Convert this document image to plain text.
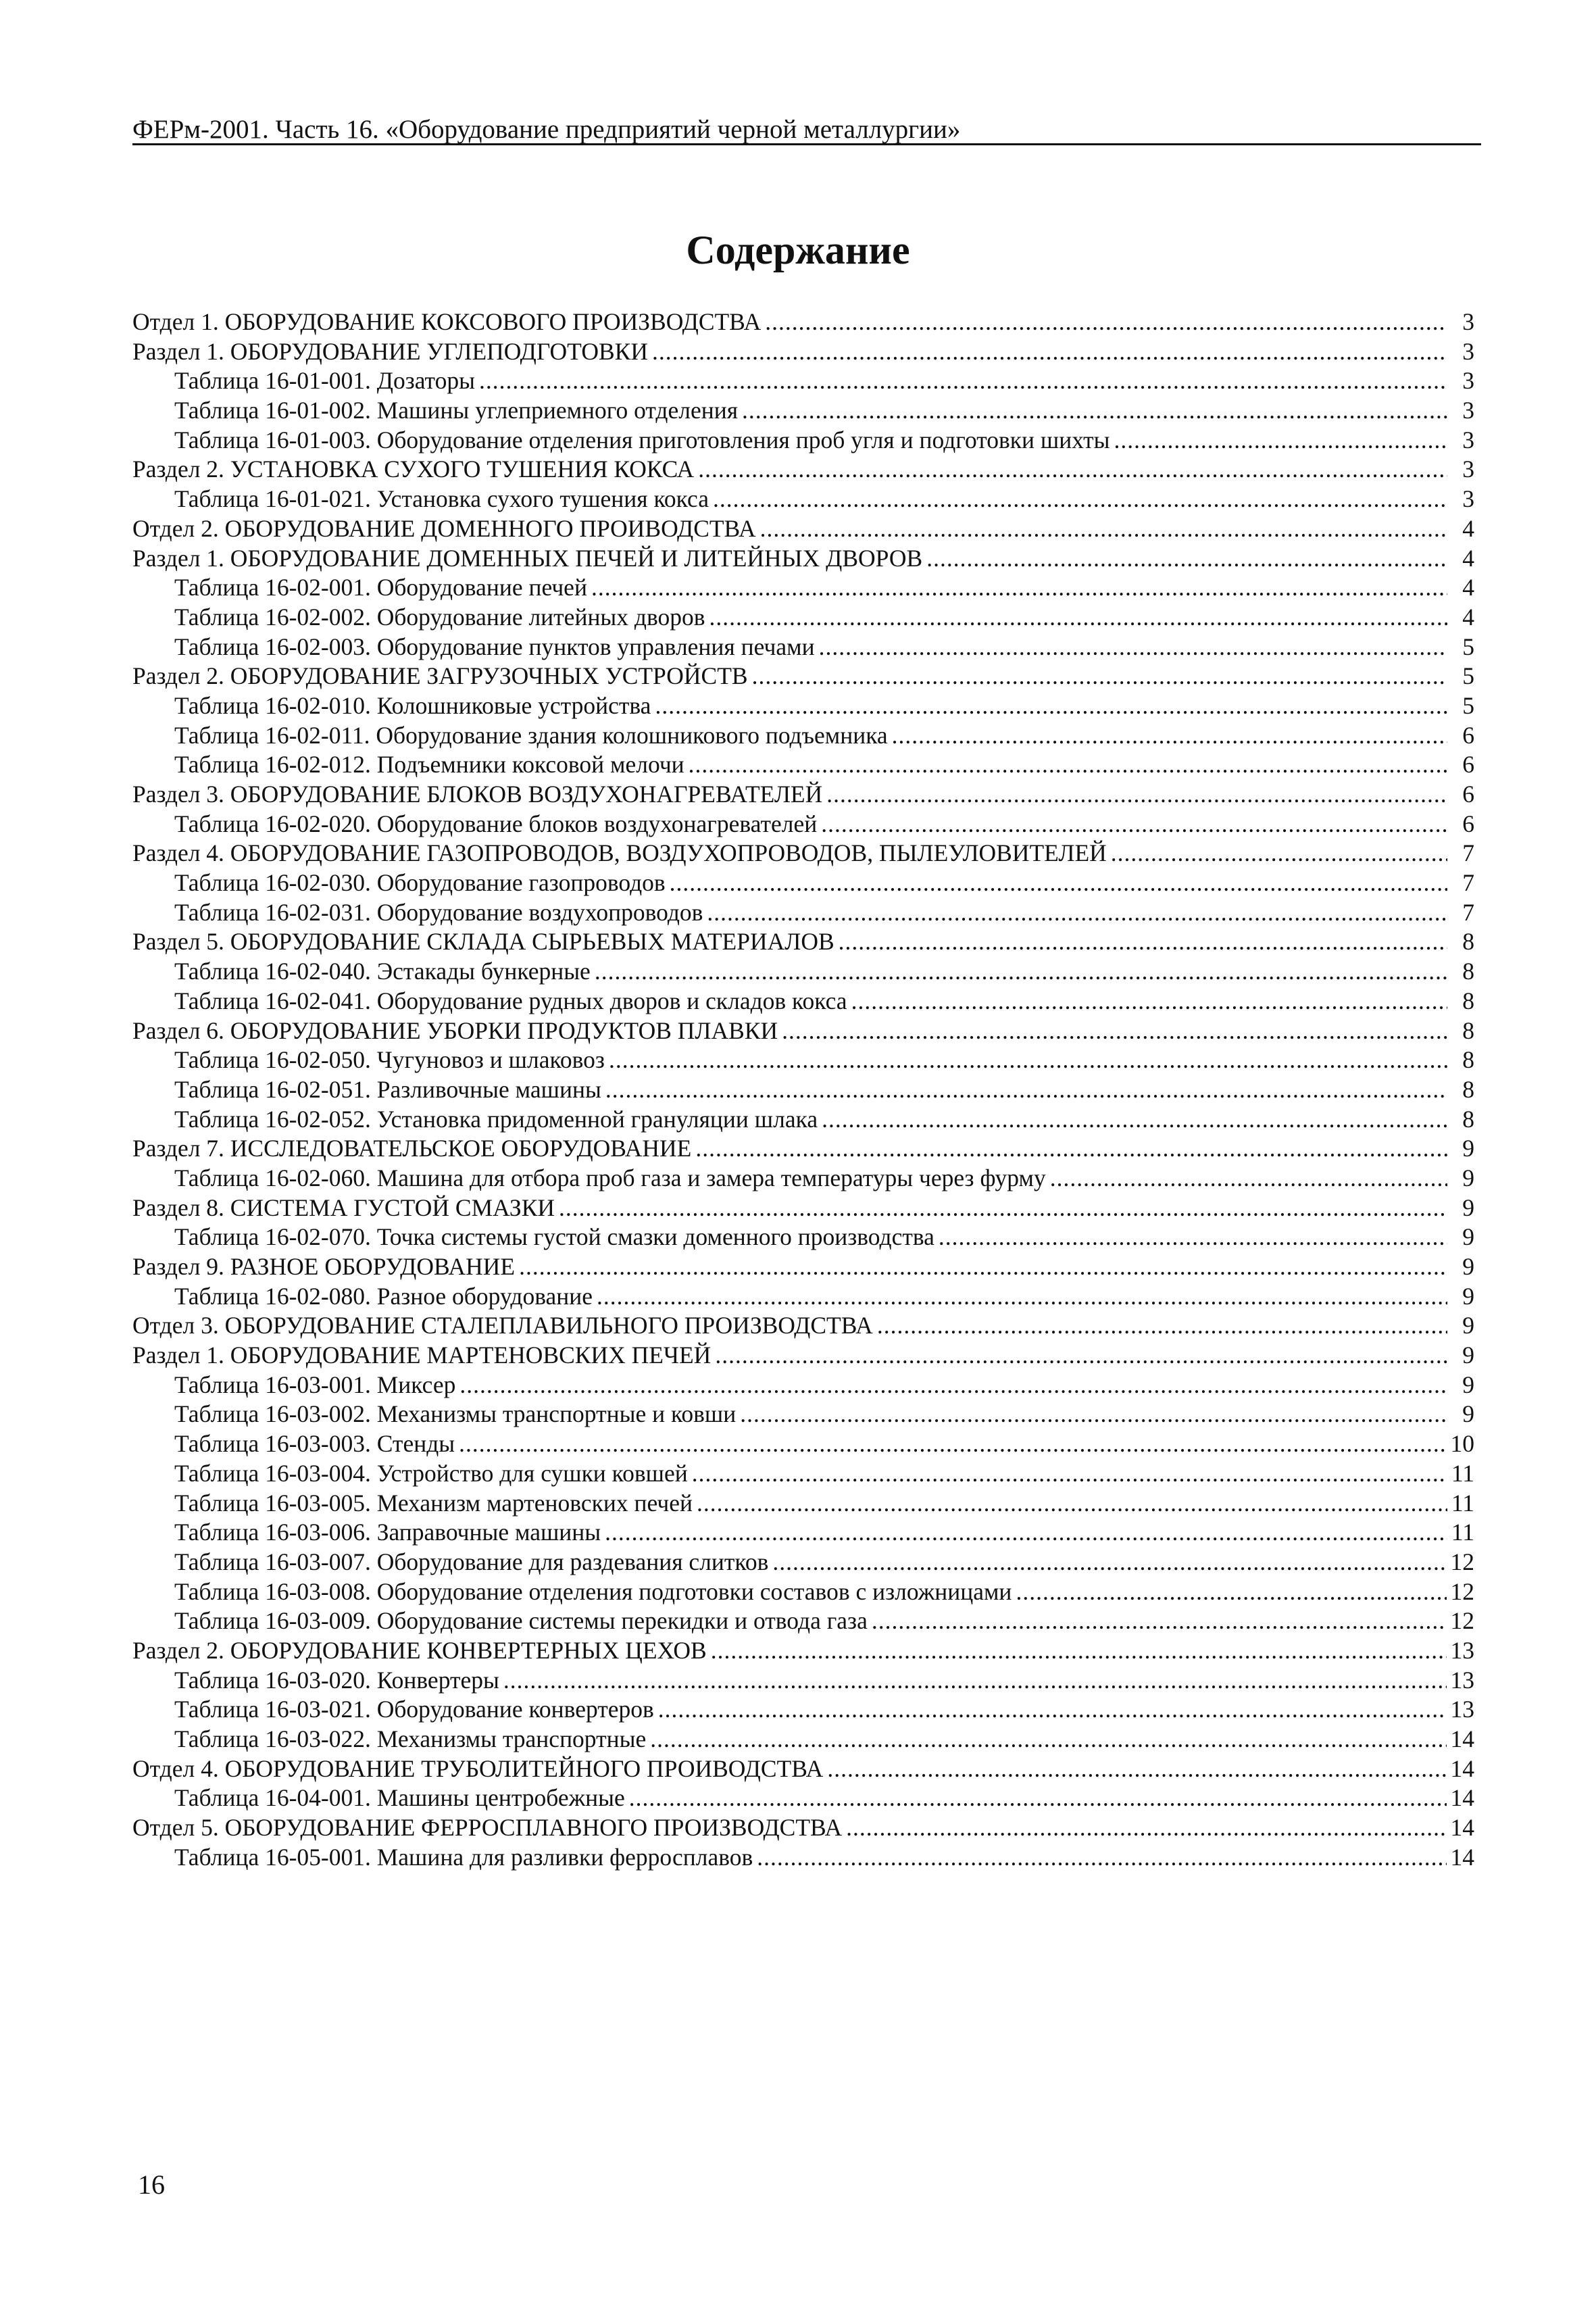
ФЕРм-2001. Часть 16. «Оборудование предприятий черной металлургии»
Содержание
Отдел 1. ОБОРУДОВАНИЕ КОКСОВОГО ПРОИЗВОДСТВА .....	3
Раздел 1. ОБОРУДОВАНИЕ УГЛЕПОДГОТОВКИ .....	3
Таблица 16-01-001. Дозаторы .....	3
Таблица 16-01-002. Машины углеприемного отделения .....	3
Таблица 16-01-003. Оборудование отделения приготовления проб угля и подготовки шихты .....	3
Раздел 2. УСТАНОВКА СУХОГО ТУШЕНИЯ КОКСА .....	3
Таблица 16-01-021. Установка сухого тушения кокса .....	3
Отдел 2. ОБОРУДОВАНИЕ ДОМЕННОГО ПРОИВОДСТВА .....	4
Раздел 1. ОБОРУДОВАНИЕ ДОМЕННЫХ ПЕЧЕЙ И ЛИТЕЙНЫХ ДВОРОВ .....	4
Таблица 16-02-001. Оборудование печей .....	4
Таблица 16-02-002. Оборудование литейных дворов .....	4
Таблица 16-02-003. Оборудование пунктов управления печами .....	5
Раздел 2. ОБОРУДОВАНИЕ ЗАГРУЗОЧНЫХ УСТРОЙСТВ .....	5
Таблица 16-02-010. Колошниковые устройства .....	5
Таблица 16-02-011. Оборудование здания колошникового подъемника .....	6
Таблица 16-02-012. Подъемники коксовой мелочи .....	6
Раздел 3. ОБОРУДОВАНИЕ БЛОКОВ ВОЗДУХОНАГРЕВАТЕЛЕЙ .....	6
Таблица 16-02-020. Оборудование блоков воздухонагревателей .....	6
Раздел 4. ОБОРУДОВАНИЕ ГАЗОПРОВОДОВ, ВОЗДУХОПРОВОДОВ, ПЫЛЕУЛОВИТЕЛЕЙ .....	7
Таблица 16-02-030. Оборудование газопроводов .....	7
Таблица 16-02-031. Оборудование воздухопроводов .....	7
Раздел 5. ОБОРУДОВАНИЕ СКЛАДА СЫРЬЕВЫХ МАТЕРИАЛОВ .....	8
Таблица 16-02-040. Эстакады бункерные .....	8
Таблица 16-02-041. Оборудование рудных дворов и складов кокса .....	8
Раздел 6. ОБОРУДОВАНИЕ УБОРКИ ПРОДУКТОВ ПЛАВКИ .....	8
Таблица 16-02-050. Чугуновоз и шлаковоз .....	8
Таблица 16-02-051. Разливочные машины .....	8
Таблица 16-02-052. Установка придоменной грануляции шлака .....	8
Раздел 7. ИССЛЕДОВАТЕЛЬСКОЕ ОБОРУДОВАНИЕ .....	9
Таблица 16-02-060. Машина для отбора проб газа и замера температуры через фурму .....	9
Раздел 8. СИСТЕМА ГУСТОЙ СМАЗКИ .....	9
Таблица 16-02-070. Точка системы густой смазки доменного производства .....	9
Раздел 9. РАЗНОЕ ОБОРУДОВАНИЕ .....	9
Таблица 16-02-080. Разное оборудование .....	9
Отдел 3. ОБОРУДОВАНИЕ СТАЛЕПЛАВИЛЬНОГО ПРОИЗВОДСТВА .....	9
Раздел 1. ОБОРУДОВАНИЕ МАРТЕНОВСКИХ ПЕЧЕЙ .....	9
Таблица 16-03-001. Миксер .....	9
Таблица 16-03-002. Механизмы транспортные и ковши .....	9
Таблица 16-03-003. Стенды .....	10
Таблица 16-03-004. Устройство для сушки ковшей .....	11
Таблица 16-03-005. Механизм мартеновских печей .....	11
Таблица 16-03-006. Заправочные машины .....	11
Таблица 16-03-007. Оборудование для раздевания слитков .....	12
Таблица 16-03-008. Оборудование отделения подготовки составов с изложницами .....	12
Таблица 16-03-009. Оборудование системы перекидки и отвода газа .....	12
Раздел 2. ОБОРУДОВАНИЕ КОНВЕРТЕРНЫХ ЦЕХОВ .....	13
Таблица 16-03-020. Конвертеры .....	13
Таблица 16-03-021. Оборудование конвертеров .....	13
Таблица 16-03-022. Механизмы транспортные .....	14
Отдел 4. ОБОРУДОВАНИЕ ТРУБОЛИТЕЙНОГО ПРОИВОДСТВА .....	14
Таблица 16-04-001. Машины центробежные .....	14
Отдел 5. ОБОРУДОВАНИЕ ФЕРРОСПЛАВНОГО ПРОИЗВОДСТВА .....	14
Таблица 16-05-001. Машина для разливки ферросплавов .....	14
16
